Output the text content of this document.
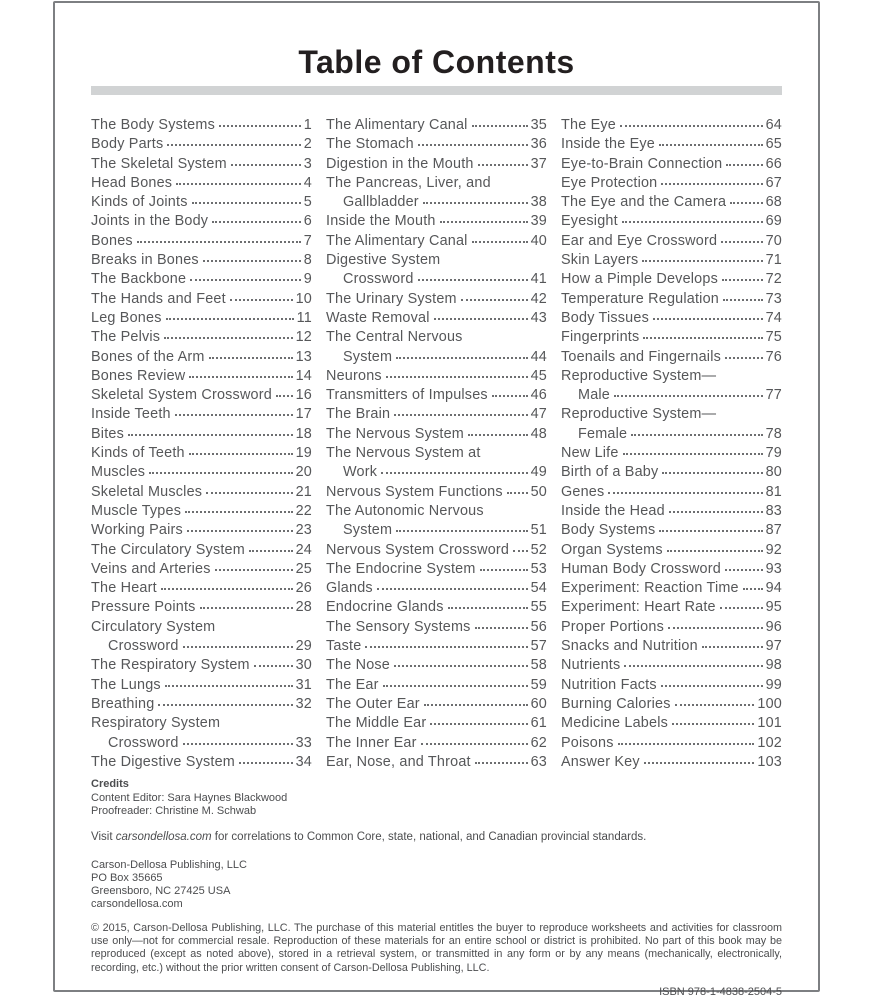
Table of Contents
The Body Systems	1
Body Parts	2
The Skeletal System	3
Head Bones	4
Kinds of Joints	5
Joints in the Body	6
Bones	7
Breaks in Bones	8
The Backbone	9
The Hands and Feet	10
Leg Bones	11
The Pelvis	12
Bones of the Arm	13
Bones Review	14
Skeletal System Crossword 16
Inside Teeth	17
Bites	18
Kinds of Teeth	19
Muscles	20
Skeletal Muscles	21
Muscle Types	22
Working Pairs	23
The Circulatory System	24
Veins and Arteries	25
The Heart	26
Pressure Points	28
Circulatory System
Crossword	29
The Respiratory System	30
The Lungs	31
Breathing	32
Respiratory System
Crossword	33
The Digestive System	34
The Alimentary Canal	35
The Stomach	36
Digestion in the Mouth	37
The Pancreas, Liver, and
Gallbladder	38
Inside the Mouth	39
The Alimentary Canal	40
Digestive System
Crossword	41
The Urinary System	42
Waste Removal	43
The Central Nervous
System	44
Neurons	45
Transmitters of Impulses	46
The Brain	47
The Nervous System	48
The Nervous System at
Work	49
Nervous System Functions 50
The Autonomic Nervous
System	51
Nervous System Crossword 52
The Endocrine System	53
Glands	54
Endocrine Glands	55
The Sensory Systems	56
Taste	57
The Nose	58
The Ear	59
The Outer Ear	60
The Middle Ear	61
The Inner Ear	62
Ear, Nose, and Throat	63
The Eye	64
Inside the Eye	65
Eye-to-Brain Connection	66
Eye Protection	67
The Eye and the Camera	68
Eyesight	69
Ear and Eye Crossword	70
Skin Layers	71
How a Pimple Develops	72
Temperature Regulation	73
Body Tissues	74
Fingerprints	75
Toenails and Fingernails	76
Reproductive System—
Male	77
Reproductive System—
Female	78
New Life	79
Birth of a Baby	80
Genes	81
Inside the Head	83
Body Systems	87
Organ Systems	92
Human Body Crossword	93
Experiment: Reaction Time 94
Experiment: Heart Rate	95
Proper Portions	96
Snacks and Nutrition	97
Nutrients	98
Nutrition Facts	99
Burning Calories	100
Medicine Labels	101
Poisons	102
Answer Key	103
Credits
Content Editor: Sara Haynes Blackwood
Proofreader: Christine M. Schwab
Visit carsondellosa.com for correlations to Common Core, state, national, and Canadian provincial standards.
Carson-Dellosa Publishing, LLC
PO Box 35665
Greensboro, NC 27425 USA
carsondellosa.com
© 2015, Carson-Dellosa Publishing, LLC. The purchase of this material entitles the buyer to reproduce worksheets and activities for classroom use only—not for commercial resale. Reproduction of these materials for an entire school or district is prohibited. No part of this book may be reproduced (except as noted above), stored in a retrieval system, or transmitted in any form or by any means (mechanically, electronically, recording, etc.) without the prior written consent of Carson-Dellosa Publishing, LLC.
ISBN 978-1-4838-2504-5
